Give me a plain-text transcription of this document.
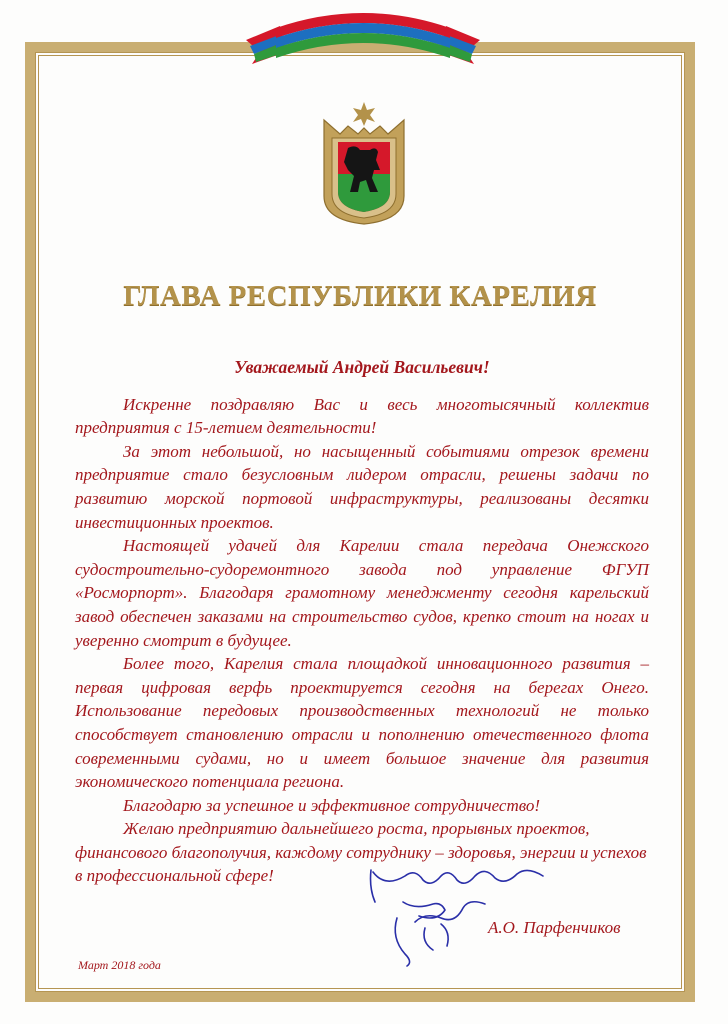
ГЛАВА РЕСПУБЛИКИ КАРЕЛИЯ

Уважаемый Андрей Васильевич!

Искренне поздравляю Вас и весь многотысячный коллектив предприятия с 15-летием деятельности!

За этот небольшой, но насыщенный событиями отрезок времени предприятие стало безусловным лидером отрасли, решены задачи по развитию морской портовой инфраструктуры, реализованы десятки инвестиционных проектов.

Настоящей удачей для Карелии стала передача Онежского судостроительно-судоремонтного завода под управление ФГУП «Росморпорт». Благодаря грамотному менеджменту сегодня карельский завод обеспечен заказами на строительство судов, крепко стоит на ногах и уверенно смотрит в будущее.

Более того, Карелия стала площадкой инновационного развития – первая цифровая верфь проектируется сегодня на берегах Онего. Использование передовых производственных технологий не только способствует становлению отрасли и пополнению отечественного флота современными судами, но и имеет большое значение для развития экономического потенциала региона.

Благодарю за успешное и эффективное сотрудничество!

Желаю предприятию дальнейшего роста, прорывных проектов, финансового благополучия, каждому сотруднику – здоровья, энергии и успехов в профессиональной сфере!

А.О. Парфенчиков
Март 2018 года
